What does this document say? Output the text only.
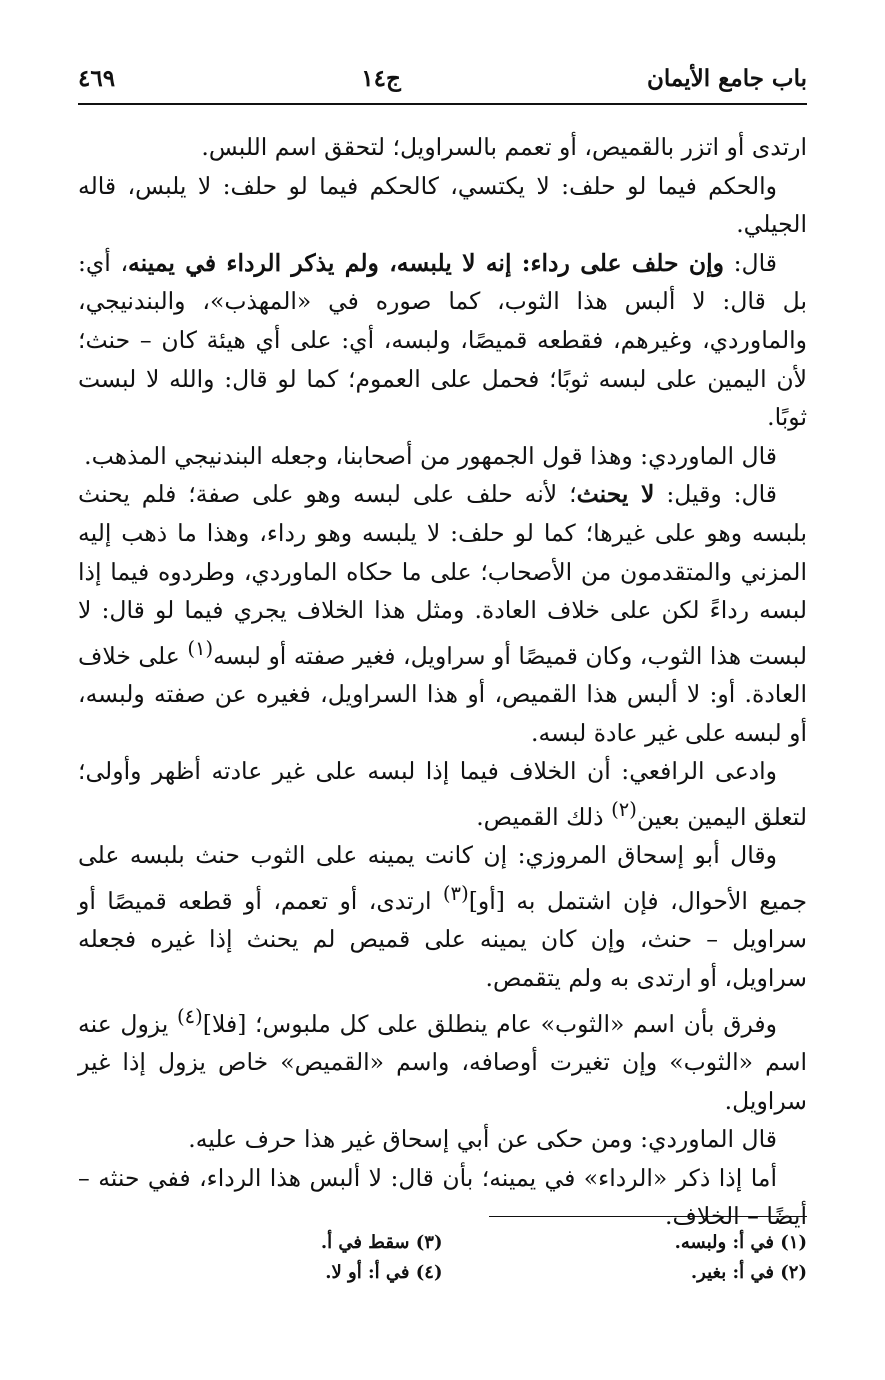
باب جامع الأيمان
ج١٤
٤٦٩

ارتدى أو اتزر بالقميص، أو تعمم بالسراويل؛ لتحقق اسم اللبس.

والحكم فيما لو حلف: لا يكتسي، كالحكم فيما لو حلف: لا يلبس، قاله الجيلي.

قال: وإن حلف على رداء: إنه لا يلبسه، ولم يذكر الرداء في يمينه، أي: بل قال: لا ألبس هذا الثوب، كما صوره في «المهذب»، والبندنيجي، والماوردي، وغيرهم، فقطعه قميصًا، ولبسه، أي: على أي هيئة كان – حنث؛ لأن اليمين على لبسه ثوبًا؛ فحمل على العموم؛ كما لو قال: والله لا لبست ثوبًا.

قال الماوردي: وهذا قول الجمهور من أصحابنا، وجعله البندنيجي المذهب.

قال: وقيل: لا يحنث؛ لأنه حلف على لبسه وهو على صفة؛ فلم يحنث بلبسه وهو على غيرها؛ كما لو حلف: لا يلبسه وهو رداء، وهذا ما ذهب إليه المزني والمتقدمون من الأصحاب؛ على ما حكاه الماوردي، وطردوه فيما إذا لبسه رداءً لكن على خلاف العادة. ومثل هذا الخلاف يجري فيما لو قال: لا لبست هذا الثوب، وكان قميصًا أو سراويل، فغير صفته أو لبسه$^{(١)}$ على خلاف العادة. أو: لا ألبس هذا القميص، أو هذا السراويل، فغيره عن صفته ولبسه، أو لبسه على غير عادة لبسه.

وادعى الرافعي: أن الخلاف فيما إذا لبسه على غير عادته أظهر وأولى؛ لتعلق اليمين بعين$^{(٢)}$ ذلك القميص.

وقال أبو إسحاق المروزي: إن كانت يمينه على الثوب حنث بلبسه على جميع الأحوال، فإن اشتمل به [أو]$^{(٣)}$ ارتدى، أو تعمم، أو قطعه قميصًا أو سراويل – حنث، وإن كان يمينه على قميص لم يحنث إذا غيره فجعله سراويل، أو ارتدى به ولم يتقمص.

وفرق بأن اسم «الثوب» عام ينطلق على كل ملبوس؛ [فلا]$^{(٤)}$ يزول عنه اسم «الثوب» وإن تغيرت أوصافه، واسم «القميص» خاص يزول إذا غير سراويل.

قال الماوردي: ومن حكى عن أبي إسحاق غير هذا حرف عليه.

أما إذا ذكر «الرداء» في يمينه؛ بأن قال: لا ألبس هذا الرداء، ففي حنثه – أيضًا – الخلاف.

(١) في أ: ولبسه.
(٢) في أ: بغير.
(٣) سقط في أ.
(٤) في أ: أو لا.
